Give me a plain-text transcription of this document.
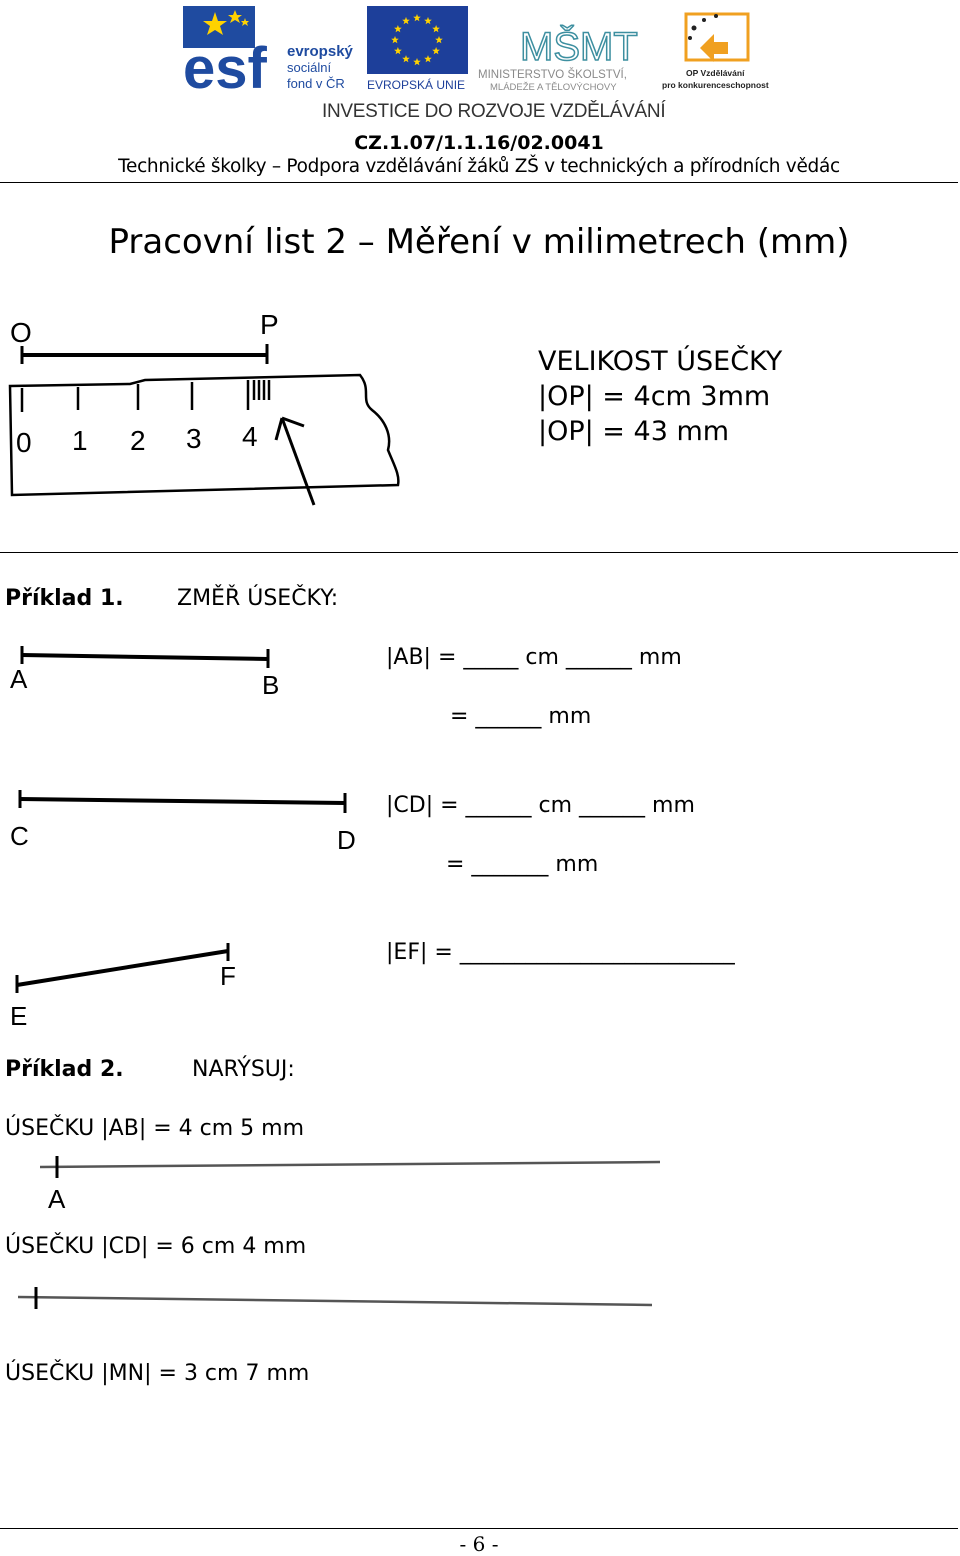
esf evropský
sociální
fond v ČR EVROPSKÁ UNIE
MŠMT
MINISTERSTVO ŠKOLSTVÍ,
MLÁDEŽE A TĚLOVÝCHOVY
OP Vzdělávání
pro konkurenceschopnost
INVESTICE DO ROZVOJE VZDĚLÁVÁNÍ
CZ.1.07/1.1.16/02.0041
Technické školky – Podpora vzdělávání žáků ZŠ v technických a přírodních vědác
Pracovní list 2 – Měření v milimetrech (mm)
O	P
0 1 2 3 4
VELIKOST ÚSEČKY
|OP| = 4cm 3mm
|OP| = 43 mm
Příklad 1. ZMĚŘ ÚSEČKY:
A	B
|AB| = _____ cm ______ mm
= ______ mm
C	D
|CD| = ______ cm ______ mm
= _______ mm
E
F
|EF| = _________________________
Příklad 2.	NARÝSUJ:
ÚSEČKU |AB| = 4 cm 5 mm
A
ÚSEČKU |CD| = 6 cm 4 mm
ÚSEČKU |MN| = 3 cm 7 mm
- 6 -
